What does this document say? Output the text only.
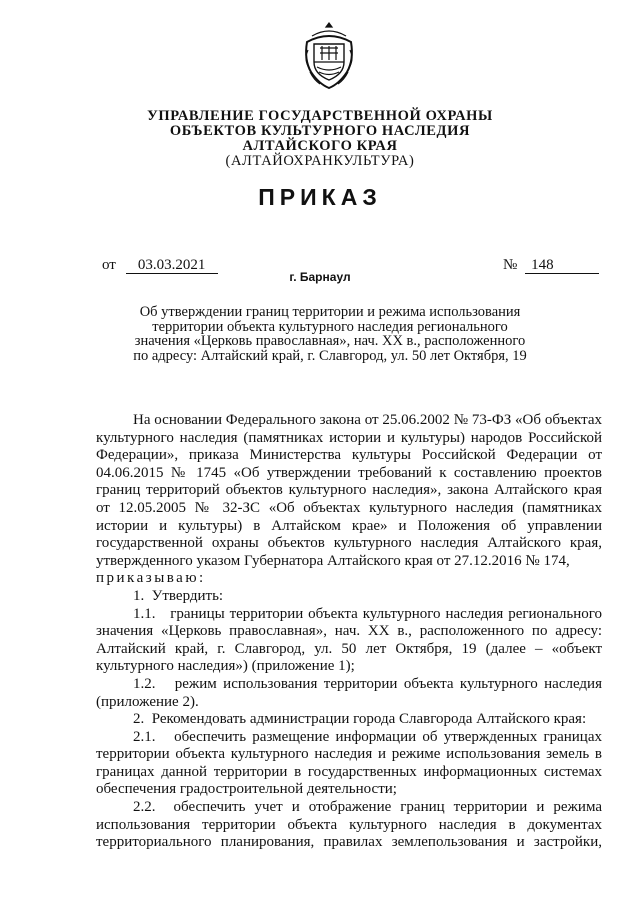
УПРАВЛЕНИЕ ГОСУДАРСТВЕННОЙ ОХРАНЫ
ОБЪЕКТОВ КУЛЬТУРНОГО НАСЛЕДИЯ
АЛТАЙСКОГО КРАЯ
(АЛТАЙОХРАНКУЛЬТУРА)
ПРИКАЗ
от 03.03.2021	№ 148
г. Барнаул
Об утверждении границ территории и режима использования
территории объекта культурного наследия регионального
значения «Церковь православная», нач. XX в., расположенного
по адресу: Алтайский край, г. Славгород, ул. 50 лет Октября, 19

На основании Федерального закона от 25.06.2002 № 73-ФЗ «Об объектах культурного наследия (памятниках истории и культуры) народов Российской Федерации», приказа Министерства культуры Российской Федерации от 04.06.2015 № 1745 «Об утверждении требований к составлению проектов границ территорий объектов культурного наследия», закона Алтайского края от 12.05.2005 № 32-ЗС «Об объектах культурного наследия (памятниках истории и культуры) в Алтайском крае» и Положения об управлении государственной охраны объектов культурного наследия Алтайского края, утвержденного указом Губернатора Алтайского края от 27.12.2016 № 174,

приказываю:

1.  Утвердить:

1.1.   границы территории объекта культурного наследия регионального значения «Церковь православная», нач. XX в., расположенного по адресу: Алтайский край, г. Славгород, ул. 50 лет Октября, 19 (далее – «объект культурного наследия») (приложение 1);

1.2.   режим использования территории объекта культурного наследия (приложение 2).

2.  Рекомендовать администрации города Славгорода Алтайского края:

2.1.   обеспечить размещение информации об утвержденных границах территории объекта культурного наследия и режиме использования земель в границах данной территории в государственных информационных системах обеспечения градостроительной деятельности;

2.2.  обеспечить учет и отображение границ территории и режима использования территории объекта культурного наследия в документах территориального планирования, правилах землепользования и застройки,
